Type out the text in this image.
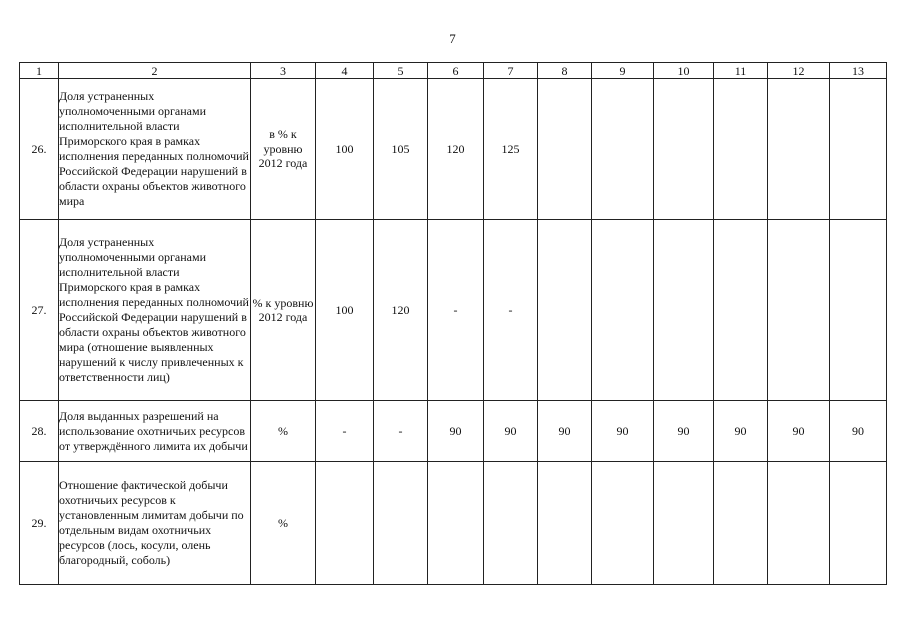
7
1	2	3	4	5	6	7	8	9	10	11	12	13
26.	Доля устраненных уполномоченными органами исполнительной власти Приморского края в рамках исполнения переданных полномочий Российской Федерации нарушений в области охраны объектов животного мира	в % к уровню 2012 года	100	105	120	125						
27.	Доля устраненных уполномоченными органами исполнительной власти Приморского края в рамках исполнения переданных полномочий Российской Федерации нарушений в области охраны объектов животного мира (отношение выявленных нарушений к числу привлеченных к ответственности лиц)	% к уровню 2012 года	100	120	-	-						
28.	Доля выданных разрешений на использование охотничьих ресурсов от утверждённого лимита их добычи	%	-	-	90	90	90	90	90	90	90	90
29.	Отношение фактической добычи охотничьих ресурсов к установленным лимитам добычи по отдельным видам охотничьих ресурсов (лось, косули, олень благородный, соболь)	%										
